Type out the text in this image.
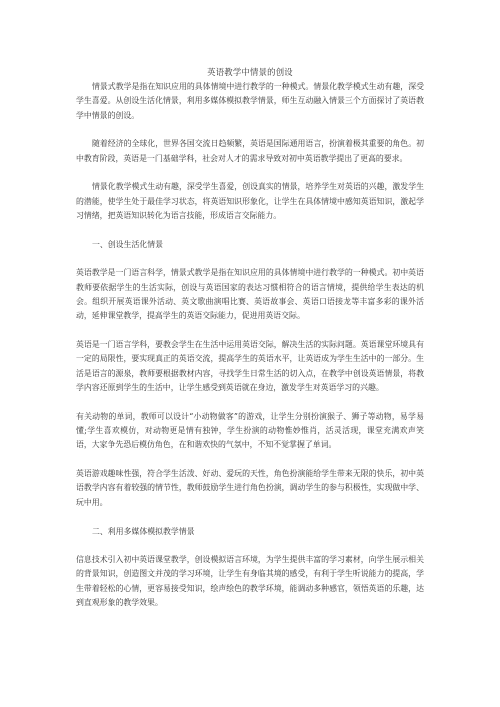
英语教学中情景的创设

情景式教学是指在知识应用的具体情境中进行教学的一种模式。情景化教学模式生动有趣，深受学生喜爱。从创设生活化情景，利用多媒体模拟教学情景，师生互动融入情景三个方面探讨了英语教学中情景的创设。

随着经济的全球化，世界各国交流日趋频繁，英语是国际通用语言，扮演着极其重要的角色。初中教育阶段，英语是一门基础学科，社会对人才的需求导致对初中英语教学提出了更高的要求。

情景化教学模式生动有趣，深受学生喜爱，创设真实的情景，培养学生对英语的兴趣，激发学生的潜能，使学生处于最佳学习状态，将英语知识形象化，让学生在具体情境中感知英语知识，激起学习情绪，把英语知识转化为语言技能，形成语言交际能力。

一、创设生活化情景

英语教学是一门语言科学，情景式教学是指在知识应用的具体情境中进行教学的一种模式。初中英语教师要依据学生的生活实际，创设与英语国家的表达习惯相符合的语言情境，提供给学生表达的机会。组织开展英语课外活动、英文歌曲演唱比赛、英语故事会、英语口语接龙等丰富多彩的课外活动，延伸课堂教学，提高学生的英语交际能力，促进用英语交际。

英语是一门语言学科，要教会学生在生活中运用英语交际，解决生活的实际问题。英语课堂环境具有一定的局限性，要实现真正的英语交流，提高学生的英语水平，让英语成为学生生活中的一部分。生活是语言的源泉，教师要根据教材内容，寻找学生日常生活的切入点，在教学中创设英语情景，将教学内容还原到学生的生活中，让学生感受到英语就在身边，激发学生对英语学习的兴趣。

有关动物的单词，教师可以设计“小动物做客”的游戏，让学生分别扮演猴子、狮子等动物，易学易懂;学生喜欢模仿，对动物更是情有独钟，学生扮演的动物惟妙惟肖，活灵活现，课堂充满欢声笑语，大家争先恐后模仿角色，在和谐欢快的气氛中，不知不觉掌握了单词。

英语游戏趣味性强，符合学生活泼、好动、爱玩的天性，角色扮演能给学生带来无限的快乐，初中英语教学内容有着较强的情节性，教师鼓励学生进行角色扮演，调动学生的参与积极性，实现做中学、玩中用。

二、利用多媒体模拟教学情景

信息技术引入初中英语课堂教学，创设模拟语言环境，为学生提供丰富的学习素材，向学生展示相关的背景知识，创造图文并茂的学习环境，让学生有身临其境的感受，有利于学生听说能力的提高，学生带着轻松的心情，更容易接受知识，绘声绘色的教学环境，能调动多种感官，领悟英语的乐趣，达到直观形象的教学效果。
